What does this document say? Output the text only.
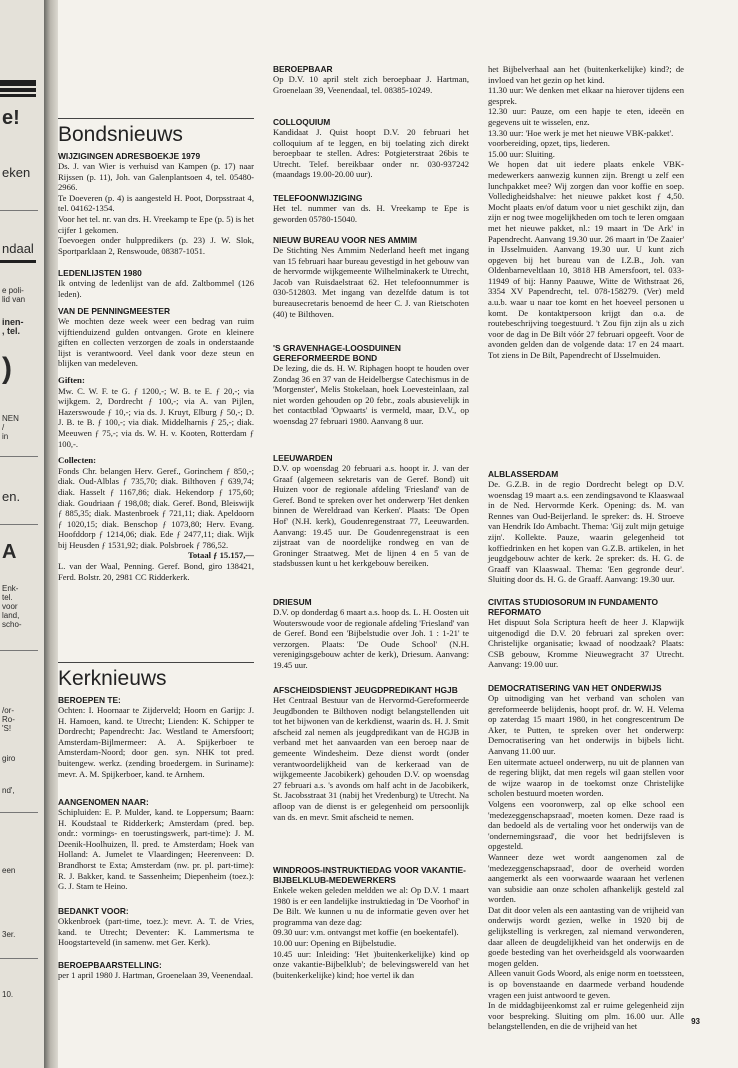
e!
eken
ndaal
e poli-
lid van
inen-
, tel.
)
NEN
/
in
en.
A
Enk-
tel.
voor
land,
scho-
/or-
Ro-
'S!
giro
nd',
een
3er.
10.
Bondsnieuws
WIJZIGINGEN ADRESBOEKJE 1979

Ds. J. van Wier is verhuisd van Kampen (p. 17) naar Rijssen (p. 11), Joh. van Galenplantsoen 4, tel. 05480-2966.
Te Doeveren (p. 4) is aangesteld H. Poot, Dorpsstraat 4, tel. 04162-1354.
Voor het tel. nr. van drs. H. Vreekamp te Epe (p. 5) is het cijfer 1 gekomen.
Toevoegen onder hulppredikers (p. 23) J. W. Slok, Sportparklaan 2, Renswoude, 08387-1051.

LEDENLIJSTEN 1980

Ik ontving de ledenlijst van de afd. Zaltbommel (126 leden).

VAN DE PENNINGMEESTER

We mochten deze week weer een bedrag van ruim vijftienduizend gulden ontvangen. Grote en kleinere giften en collecten verzorgen de zoals in onderstaande lijst is verantwoord. Veel dank voor deze steun en blijken van medeleven.

Giften:

Mw. C. W. F. te G. ƒ 1200,-; W. B. te E. ƒ 20,-; via wijkgem. 2, Dordrecht ƒ 100,-; via A. van Pijlen, Hazerswoude ƒ 10,-; via ds. J. Kruyt, Elburg ƒ 50,-; D. J. B. te B. ƒ 100,-; via diak. Middelharnis ƒ 25,-; diak. Meeuwen ƒ 75,-; via ds. W. H. v. Kooten, Rotterdam ƒ 100,-.

Collecten:

Fonds Chr. belangen Herv. Geref., Gorinchem ƒ 850,-; diak. Oud-Alblas ƒ 735,70; diak. Bilthoven ƒ 639,74; diak. Hasselt ƒ 1167,86; diak. Hekendorp ƒ 175,60; diak. Goudriaan ƒ 198,08; diak. Geref. Bond, Bleiswijk ƒ 885,35; diak. Mastenbroek ƒ 721,11; diak. Apeldoorn ƒ 1020,15; diak. Benschop ƒ 1073,80; Herv. Evang. Hoofddorp ƒ 1214,06; diak. Ede ƒ 2477,11; diak. Wijk bij Heusden ƒ 1531,92; diak. Polsbroek ƒ 786,52.

Totaal ƒ 15.157,—

L. van der Waal, Penning. Geref. Bond, giro 138421, Ferd. Bolstr. 20, 2981 CC Ridderkerk.

Kerknieuws
BEROEPEN TE:

Ochten: I. Hoornaar te Zijderveld; Hoorn en Garijp: J. H. Hamoen, kand. te Utrecht; Lienden: K. Schipper te Dordrecht; Papendrecht: Jac. Westland te Amersfoort; Amsterdam-Bijlmermeer: A. A. Spijkerboer te Amsterdam-Noord; door gen. syn. NHK tot pred. buitengew. werkz. (zending broedergem. in Suriname): mevr. A. M. Spijkerboer, kand. te Arnhem.

AANGENOMEN NAAR:

Schipluiden: E. P. Mulder, kand. te Loppersum; Baarn: H. Koudstaal te Ridderkerk; Amsterdam (pred. bep. ondr.: vormings- en toerustingswerk, part-time): J. M. Deenik-Hoolhuizen, ll. pred. te Amsterdam; Hoek van Holland: A. Jumelet te Vlaardingen; Heerenveen: D. Brandhorst te Exta; Amsterdam (nw. pr. pl. part-time): R. J. Bakker, kand. te Sassenheim; Diepenheim (toez.): G. J. Stam te Heino.

BEDANKT VOOR:

Okkenbroek (part-time, toez.): mevr. A. T. de Vries, kand. te Utrecht; Deventer: K. Lammertsma te Hoogstarteveld (in samenw. met Ger. Kerk).

BEROEPBAARSTELLING:

per 1 april 1980 J. Hartman, Groenelaan 39, Veenendaal.

BEROEPBAAR

Op D.V. 10 april stelt zich beroepbaar J. Hartman, Groenelaan 39, Veenendaal, tel. 08385-10249.

COLLOQUIUM

Kandidaat J. Quist hoopt D.V. 20 februari het colloquium af te leggen, en bij toelating zich direkt beroepbaar te stellen. Adres: Potgieterstraat 26bis te Utrecht. Telef. bereikbaar onder nr. 030-937242 (maandags 19.00-20.00 uur).

TELEFOONWIJZIGING

Het tel. nummer van ds. H. Vreekamp te Epe is geworden 05780-15040.

NIEUW BUREAU VOOR NES AMMIM

De Stichting Nes Ammim Nederland heeft met ingang van 15 februari haar bureau gevestigd in het gebouw van de hervormde wijkgemeente Wilhelminakerk te Utrecht, Jacob van Ruisdaelstraat 62. Het telefoonnummer is 030-512803. Met ingang van dezelfde datum is tot bureausecretaris benoemd de heer C. J. van Rietschoten (40) te Bilthoven.

'S GRAVENHAGE-LOOSDUINEN GEREFORMEERDE BOND

De lezing, die ds. H. W. Riphagen hoopt te houden over Zondag 36 en 37 van de Heidelbergse Catechismus in de 'Morgenster', Melis Stokelaan, hoek Loevesteinlaan, zal niet worden gehouden op 20 febr., zoals abusievelijk in het contactblad 'Opwaarts' is vermeld, maar, D.V., op woensdag 27 februari 1980. Aanvang 8 uur.

LEEUWARDEN

D.V. op woensdag 20 februari a.s. hoopt ir. J. van der Graaf (algemeen sekretaris van de Geref. Bond) uit Huizen voor de regionale afdeling 'Friesland' van de Geref. Bond te spreken over het onderwerp 'Het denken binnen de Wereldraad van Kerken'. Plaats: 'De Open Hof' (N.H. kerk), Goudenregenstraat 77, Leeuwarden. Aanvang: 19.45 uur. De Goudenregenstraat is een zijstraat van de noordelijke rondweg en van de Groninger Straatweg. Met de lijnen 4 en 5 van de stadsbussen kunt u het kerkgebouw bereiken.

DRIESUM

D.V. op donderdag 6 maart a.s. hoop ds. L. H. Oosten uit Wouterswoude voor de regionale afdeling 'Friesland' van de Geref. Bond een 'Bijbelstudie over Joh. 1 : 1-21' te verzorgen. Plaats: 'De Oude School' (N.H. verenigingsgebouw achter de kerk), Driesum. Aanvang: 19.45 uur.

AFSCHEIDSDIENST JEUGDPREDIKANT HGJB

Het Centraal Bestuur van de Hervormd-Gereformeerde Jeugdbonden te Bilthoven nodigt belangstellenden uit tot het bijwonen van de kerkdienst, waarin ds. H. J. Smit afscheid zal nemen als jeugdpredikant van de HGJB in verband met het aanvaarden van een beroep naar de gemeente Windesheim. Deze dienst wordt (onder verantwoordelijkheid van de kerkeraad van de wijkgemeente Jacobikerk) gehouden D.V. op woensdag 27 februari a.s. 's avonds om half acht in de Jacobikerk, St. Jacobsstraat 31 (nabij het Vredenburg) te Utrecht. Na afloop van de dienst is er gelegenheid om persoonlijk van ds. en mevr. Smit afscheid te nemen.

WINDROOS-INSTRUKTIEDAG VOOR VAKANTIE-BIJBELKLUB-MEDEWERKERS

Enkele weken geleden meldden we al: Op D.V. 1 maart 1980 is er een landelijke instruktiedag in 'De Voorhof' in De Bilt. We kunnen u nu de informatie geven over het programma van deze dag:
09.30 uur: v.m. ontvangst met koffie (en boekentafel).
10.00 uur: Opening en Bijbelstudie.
10.45 uur: Inleiding: 'Het )buitenkerkelijke) kind op onze vakantie-Bijbelklub'; de belevingswereld van het (buitenkerkelijke) kind; hoe vertel ik dan

het Bijbelverhaal aan het (buitenkerkelijke) kind?; de invloed van het gezin op het kind.
11.30 uur: We denken met elkaar na hierover tijdens een gesprek.
12.30 uur: Pauze, om een hapje te eten, ideeën en gegevens uit te wisselen, enz.
13.30 uur: 'Hoe werk je met het nieuwe VBK-pakket'.
voorbereiding, opzet, tips, liederen.
15.00 uur: Sluiting.
We hopen dat uit iedere plaats enkele VBK-medewerkers aanwezig kunnen zijn. Brengt u zelf een lunchpakket mee? Wij zorgen dan voor koffie en soep. Volledigheidshalve: het nieuwe pakket kost ƒ 4,50. Mocht plaats en/of datum voor u niet geschikt zijn, dan zijn er nog twee mogelijkheden om toch te leren omgaan met het nieuwe pakket, nl.: 19 maart in 'De Ark' in Papendrecht. Aanvang 19.30 uur. 26 maart in 'De Zaaier' in IJsselmuiden. Aanvang 19.30 uur. U kunt zich opgeven bij het bureau van de I.Z.B., Joh. van Oldenbarneveltlaan 10, 3818 HB Amersfoort, tel. 033-11949 of bij: Hanny Paauwe, Witte de Withstraat 26, 3354 XV Papendrecht, tel. 078-158279. (Ver) meld a.u.b. waar u naar toe komt en het hoeveel personen u komt. De kontaktpersoon krijgt dan o.a. de routebeschrijving toegestuurd. 't Zou fijn zijn als u zich voor de dag in De Bilt vóór 27 februari opgeeft. Voor de avonden gelden dan de volgende data: 17 en 24 maart. Tot ziens in De Bilt, Papendrecht of IJsselmuiden.

ALBLASSERDAM

De. G.Z.B. in de regio Dordrecht belegt op D.V. woensdag 19 maart a.s. een zendingsavond te Klaaswaal in de Ned. Hervormde Kerk. Opening: ds. M. van Rennes van Oud-Beijerland. Ie spreker: ds. H. Stroeve van Hendrik Ido Ambacht. Thema: 'Gij zult mijn getuige zijn'. Kollekte. Pauze, waarin gelegenheid tot koffiedrinken en het kopen van G.Z.B. artikelen, in het jeugdgebouw achter de kerk. 2e spreker: ds. H. G. de Graaff van Klaaswaal. Thema: 'Een gegronde deur'. Sluiting door ds. H. G. de Graaff. Aanvang: 19.30 uur.

CIVITAS STUDIOSORUM IN FUNDAMENTO REFORMATO

Het dispuut Sola Scriptura heeft de heer J. Klapwijk uitgenodigd die D.V. 20 februari zal spreken over: Christelijke organisatie; kwaad of noodzaak? Plaats: CSB gebouw, Kromme Nieuwegracht 37 Utrecht. Aanvang: 19.00 uur.

DEMOCRATISERING VAN HET ONDERWIJS

Op uitnodiging van het verband van scholen van gereformeerde belijdenis, hoopt prof. dr. W. H. Velema op zaterdag 15 maart 1980, in het congrescentrum De Aker, te Putten, te spreken over het onderwerp: Democratisering van het onderwijs in bijbels licht. Aanvang 11.00 uur.
Een uitermate actueel onderwerp, nu uit de plannen van de regering blijkt, dat men regels wil gaan stellen voor de wijze waarop in de toekomst onze Christelijke scholen bestuurd moeten worden.
Volgens een vooronwerp, zal op elke school een 'medezeggenschapsraad', moeten komen. Deze raad is dan bedoeld als de vertaling voor het onderwijs van de 'ondernemingsraad', die voor het bedrijfsleven is opgesteld.
Wanneer deze wet wordt aangenomen zal de 'medezeggenschapsraad', door de overheid worden aangemerkt als een voorwaarde waaraan het verlenen van subsidie aan onze scholen afhankelijk gesteld zal worden.
Dat dit door velen als een aantasting van de vrijheid van onderwijs wordt gezien, welke in 1920 bij de gelijkstelling is verkregen, zal niemand verwonderen, daar alleen de deugdelijkheid van het onderwijs en de goede besteding van het overheidsgeld als voorwaarden mogen gelden.
Alleen vanuit Gods Woord, als enige norm en toetssteen, is op bovenstaande en daarmede verband houdende vragen een juist antwoord te geven.
In de middagbijeenkomst zal er ruime gelegenheid zijn voor bespreking. Sluiting om plm. 16.00 uur. Alle belangstellenden, en die de vrijheid van het	93
